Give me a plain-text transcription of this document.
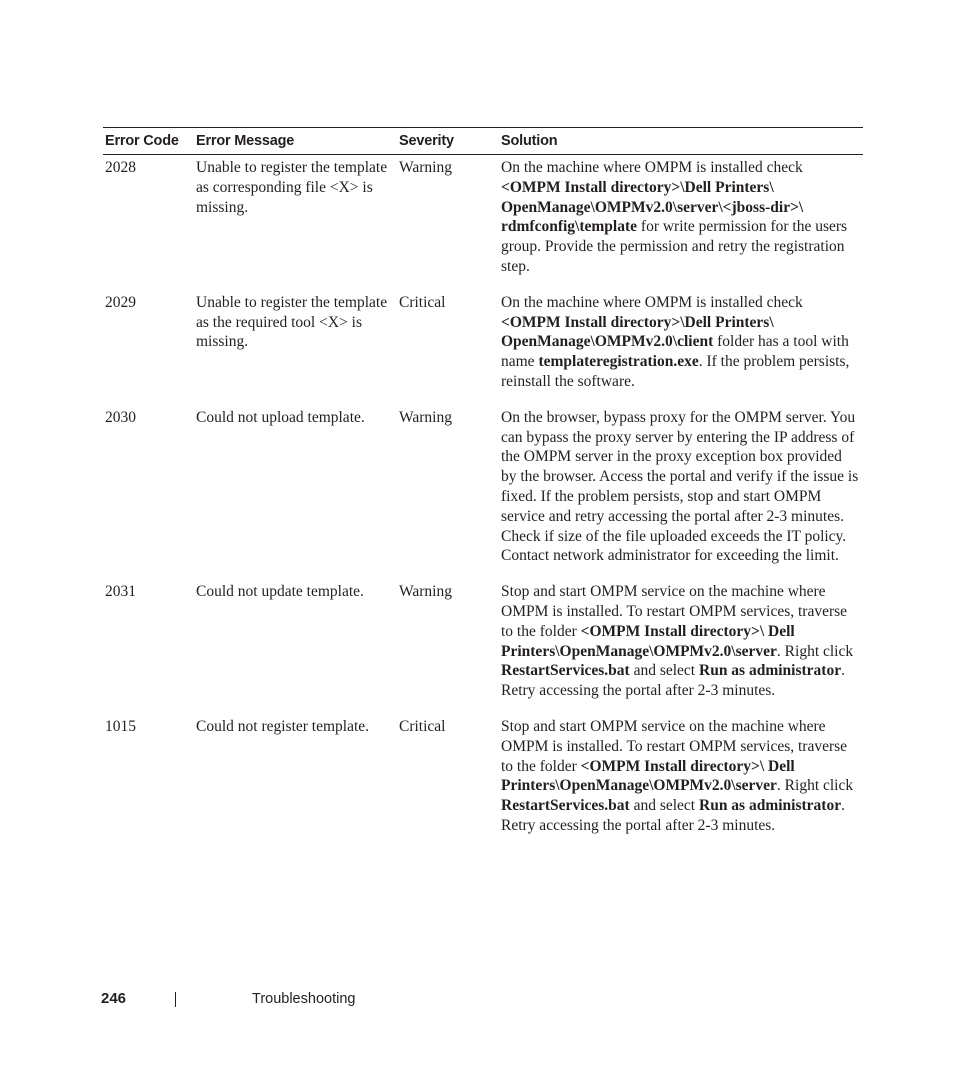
Error Code	Error Message	Severity	Solution
2028	Unable to register the template as corresponding file <X> is missing.	Warning	On the machine where OMPM is installed check <OMPM Install directory>\Dell Printers\ OpenManage\OMPMv2.0\server\<jboss-dir>\ rdmfconfig\template for write permission for the users group. Provide the permission and retry the registration step.
2029	Unable to register the template as the required tool <X> is missing.	Critical	On the machine where OMPM is installed check <OMPM Install directory>\Dell Printers\ OpenManage\OMPMv2.0\client folder has a tool with name templateregistration.exe. If the problem persists, reinstall the software.
2030	Could not upload template.	Warning	On the browser, bypass proxy for the OMPM server. You can bypass the proxy server by entering the IP address of the OMPM server in the proxy exception box provided by the browser. Access the portal and verify if the issue is fixed. If the problem persists, stop and start OMPM service and retry accessing the portal after 2-3 minutes. Check if size of the file uploaded exceeds the IT policy. Contact network administrator for exceeding the limit.
2031	Could not update template.	Warning	Stop and start OMPM service on the machine where OMPM is installed. To restart OMPM services, traverse to the folder <OMPM Install directory>\ Dell Printers\OpenManage\OMPMv2.0\server. Right click RestartServices.bat and select Run as administrator. Retry accessing the portal after 2-3 minutes.
1015	Could not register template.	Critical	Stop and start OMPM service on the machine where OMPM is installed. To restart OMPM services, traverse to the folder <OMPM Install directory>\ Dell Printers\OpenManage\OMPMv2.0\server. Right click RestartServices.bat and select Run as administrator. Retry accessing the portal after 2-3 minutes.
246	Troubleshooting
